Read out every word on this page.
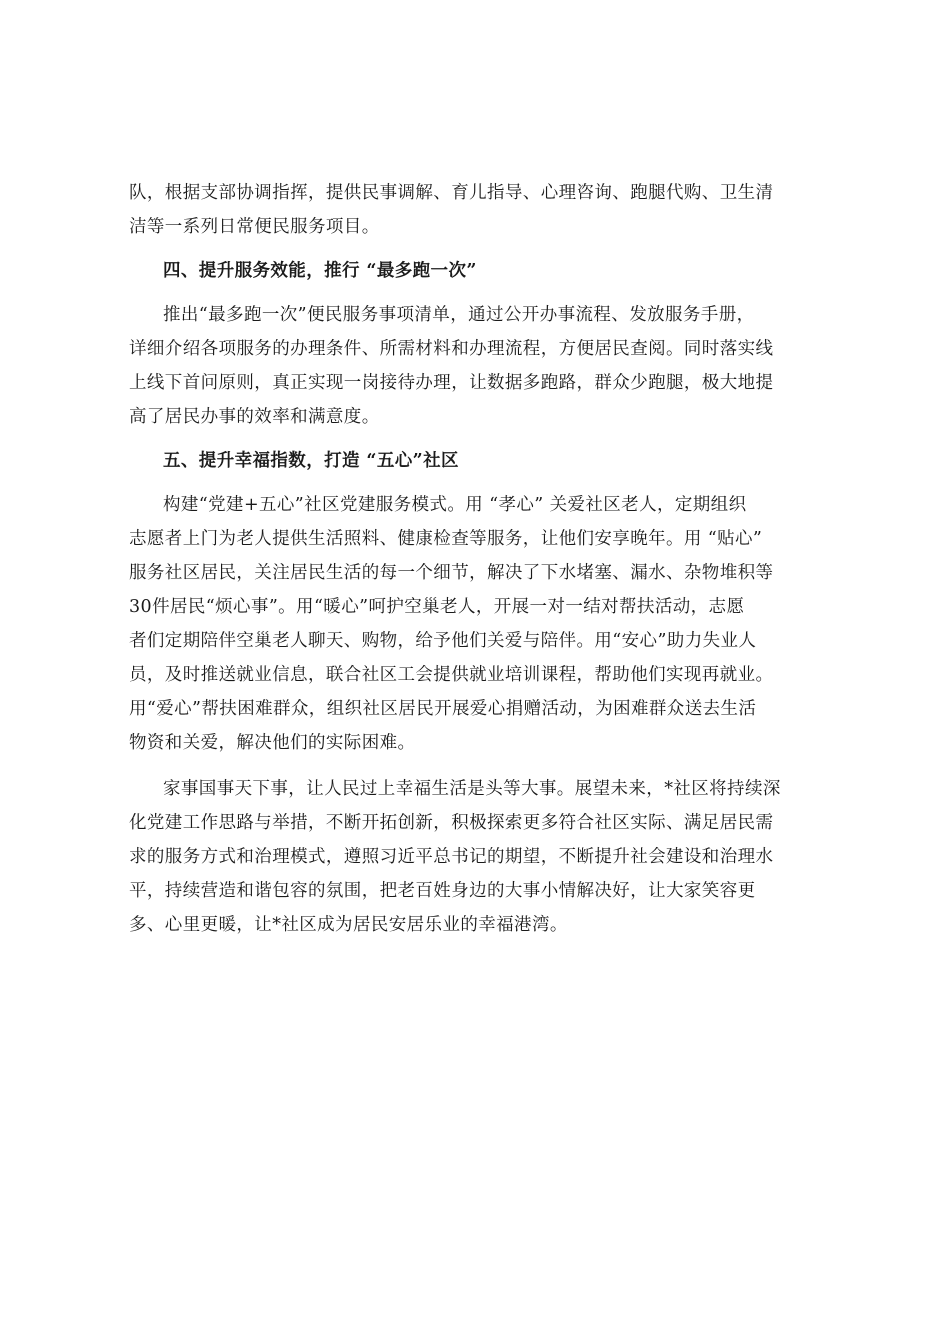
队，根据支部协调指挥，提供民事调解、育儿指导、心理咨询、跑腿代购、卫生清
洁等一系列日常便民服务项目。
四、提升服务效能，推行 “最多跑一次”
推出“最多跑一次”便民服务事项清单，通过公开办事流程、发放服务手册，
详细介绍各项服务的办理条件、所需材料和办理流程，方便居民查阅。同时落实线
上线下首问原则，真正实现一岗接待办理，让数据多跑路，群众少跑腿，极大地提
高了居民办事的效率和满意度。
五、提升幸福指数，打造 “五心”社区
构建“党建+五心”社区党建服务模式。用 “孝心” 关爱社区老人，定期组织
志愿者上门为老人提供生活照料、健康检查等服务，让他们安享晚年。用 “贴心”
服务社区居民，关注居民生活的每一个细节，解决了下水堵塞、漏水、杂物堆积等
30件居民“烦心事”。用“暖心”呵护空巢老人，开展一对一结对帮扶活动，志愿
者们定期陪伴空巢老人聊天、购物，给予他们关爱与陪伴。用“安心”助力失业人
员，及时推送就业信息，联合社区工会提供就业培训课程，帮助他们实现再就业。
用“爱心”帮扶困难群众，组织社区居民开展爱心捐赠活动，为困难群众送去生活
物资和关爱，解决他们的实际困难。
家事国事天下事，让人民过上幸福生活是头等大事。展望未来，*社区将持续深
化党建工作思路与举措，不断开拓创新，积极探索更多符合社区实际、满足居民需
求的服务方式和治理模式，遵照习近平总书记的期望，不断提升社会建设和治理水
平，持续营造和谐包容的氛围，把老百姓身边的大事小情解决好，让大家笑容更
多、心里更暖，让*社区成为居民安居乐业的幸福港湾。
